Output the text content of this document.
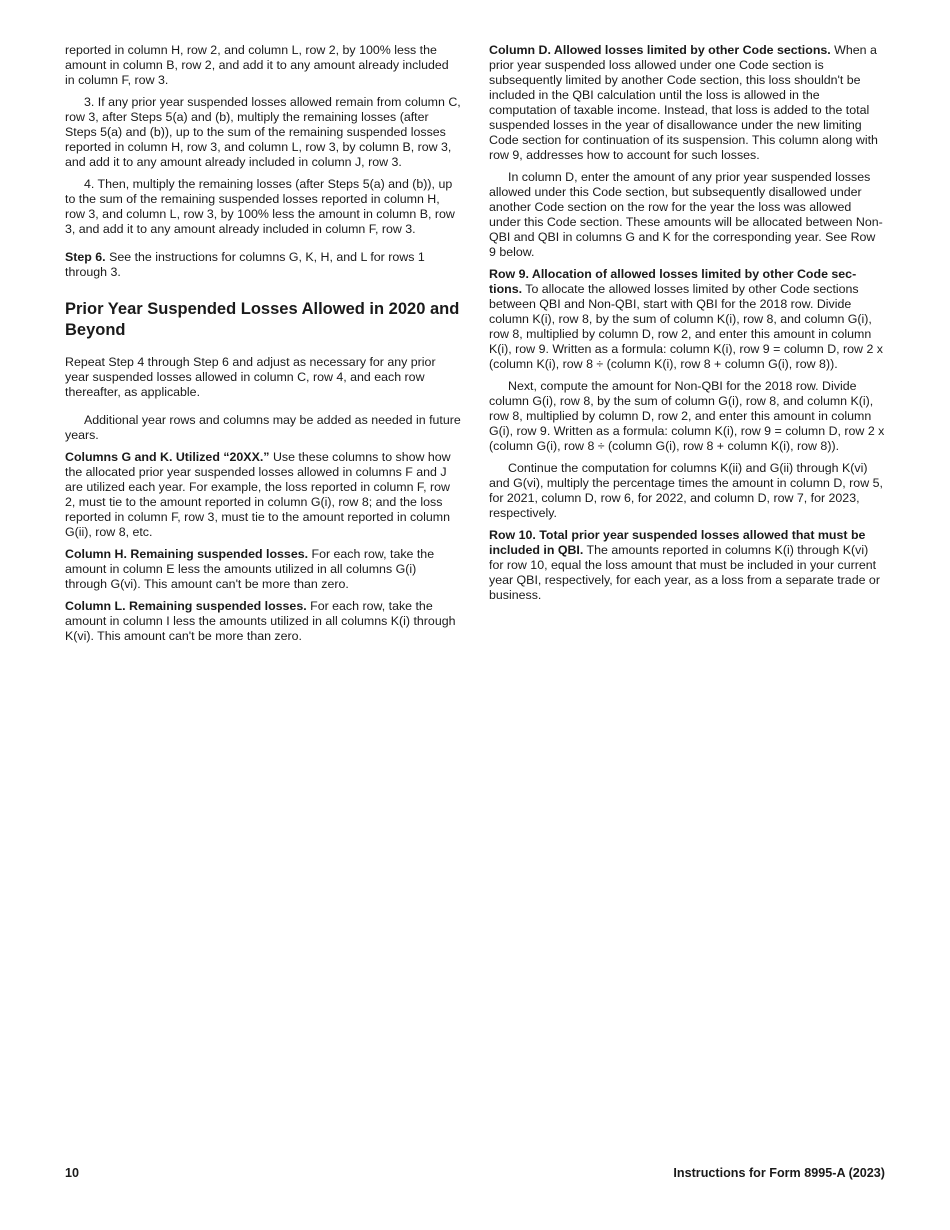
reported in column H, row 2, and column L, row 2, by 100% less the amount in column B, row 2, and add it to any amount already included in column F, row 3.

3. If any prior year suspended losses allowed remain from column C, row 3, after Steps 5(a) and (b), multiply the remaining losses (after Steps 5(a) and (b)), up to the sum of the remaining suspended losses reported in column H, row 3, and column L, row 3, by column B, row 3, and add it to any amount already included in column J, row 3.

4. Then, multiply the remaining losses (after Steps 5(a) and (b)), up to the sum of the remaining suspended losses reported in column H, row 3, and column L, row 3, by 100% less the amount in column B, row 3, and add it to any amount already included in column F, row 3.

Step 6. See the instructions for columns G, K, H, and L for rows 1 through 3.

Prior Year Suspended Losses Allowed in 2020 and Beyond

Repeat Step 4 through Step 6 and adjust as necessary for any prior year suspended losses allowed in column C, row 4, and each row thereafter, as applicable.

Additional year rows and columns may be added as needed in future years.

Columns G and K. Utilized “20XX.” Use these columns to show how the allocated prior year suspended losses allowed in columns F and J are utilized each year. For example, the loss reported in column F, row 2, must tie to the amount reported in column G(i), row 8; and the loss reported in column F, row 3, must tie to the amount reported in column G(ii), row 8, etc.

Column H. Remaining suspended losses. For each row, take the amount in column E less the amounts utilized in all columns G(i) through G(vi). This amount can't be more than zero.

Column L. Remaining suspended losses. For each row, take the amount in column I less the amounts utilized in all columns K(i) through K(vi). This amount can't be more than zero.

Column D. Allowed losses limited by other Code sections. When a prior year suspended loss allowed under one Code section is subsequently limited by another Code section, this loss shouldn't be included in the QBI calculation until the loss is allowed in the computation of taxable income. Instead, that loss is added to the total suspended losses in the year of disallowance under the new limiting Code section for continuation of its suspension. This column along with row 9, addresses how to account for such losses.

In column D, enter the amount of any prior year suspended losses allowed under this Code section, but subsequently disallowed under another Code section on the row for the year the loss was allowed under this Code section. These amounts will be allocated between Non-QBI and QBI in columns G and K for the corresponding year. See Row 9 below.

Row 9. Allocation of allowed losses limited by other Code sections. To allocate the allowed losses limited by other Code sections between QBI and Non-QBI, start with QBI for the 2018 row. Divide column K(i), row 8, by the sum of column K(i), row 8, and column G(i), row 8, multiplied by column D, row 2, and enter this amount in column K(i), row 9. Written as a formula: column K(i), row 9 = column D, row 2 x (column K(i), row 8 ÷ (column K(i), row 8 + column G(i), row 8)).

Next, compute the amount for Non-QBI for the 2018 row. Divide column G(i), row 8, by the sum of column G(i), row 8, and column K(i), row 8, multiplied by column D, row 2, and enter this amount in column G(i), row 9. Written as a formula: column K(i), row 9 = column D, row 2 x (column G(i), row 8 ÷ (column G(i), row 8 + column K(i), row 8)).

Continue the computation for columns K(ii) and G(ii) through K(vi) and G(vi), multiply the percentage times the amount in column D, row 5, for 2021, column D, row 6, for 2022, and column D, row 7, for 2023, respectively.

Row 10. Total prior year suspended losses allowed that must be included in QBI. The amounts reported in columns K(i) through K(vi) for row 10, equal the loss amount that must be included in your current year QBI, respectively, for each year, as a loss from a separate trade or business.

10	Instructions for Form 8995-A (2023)
